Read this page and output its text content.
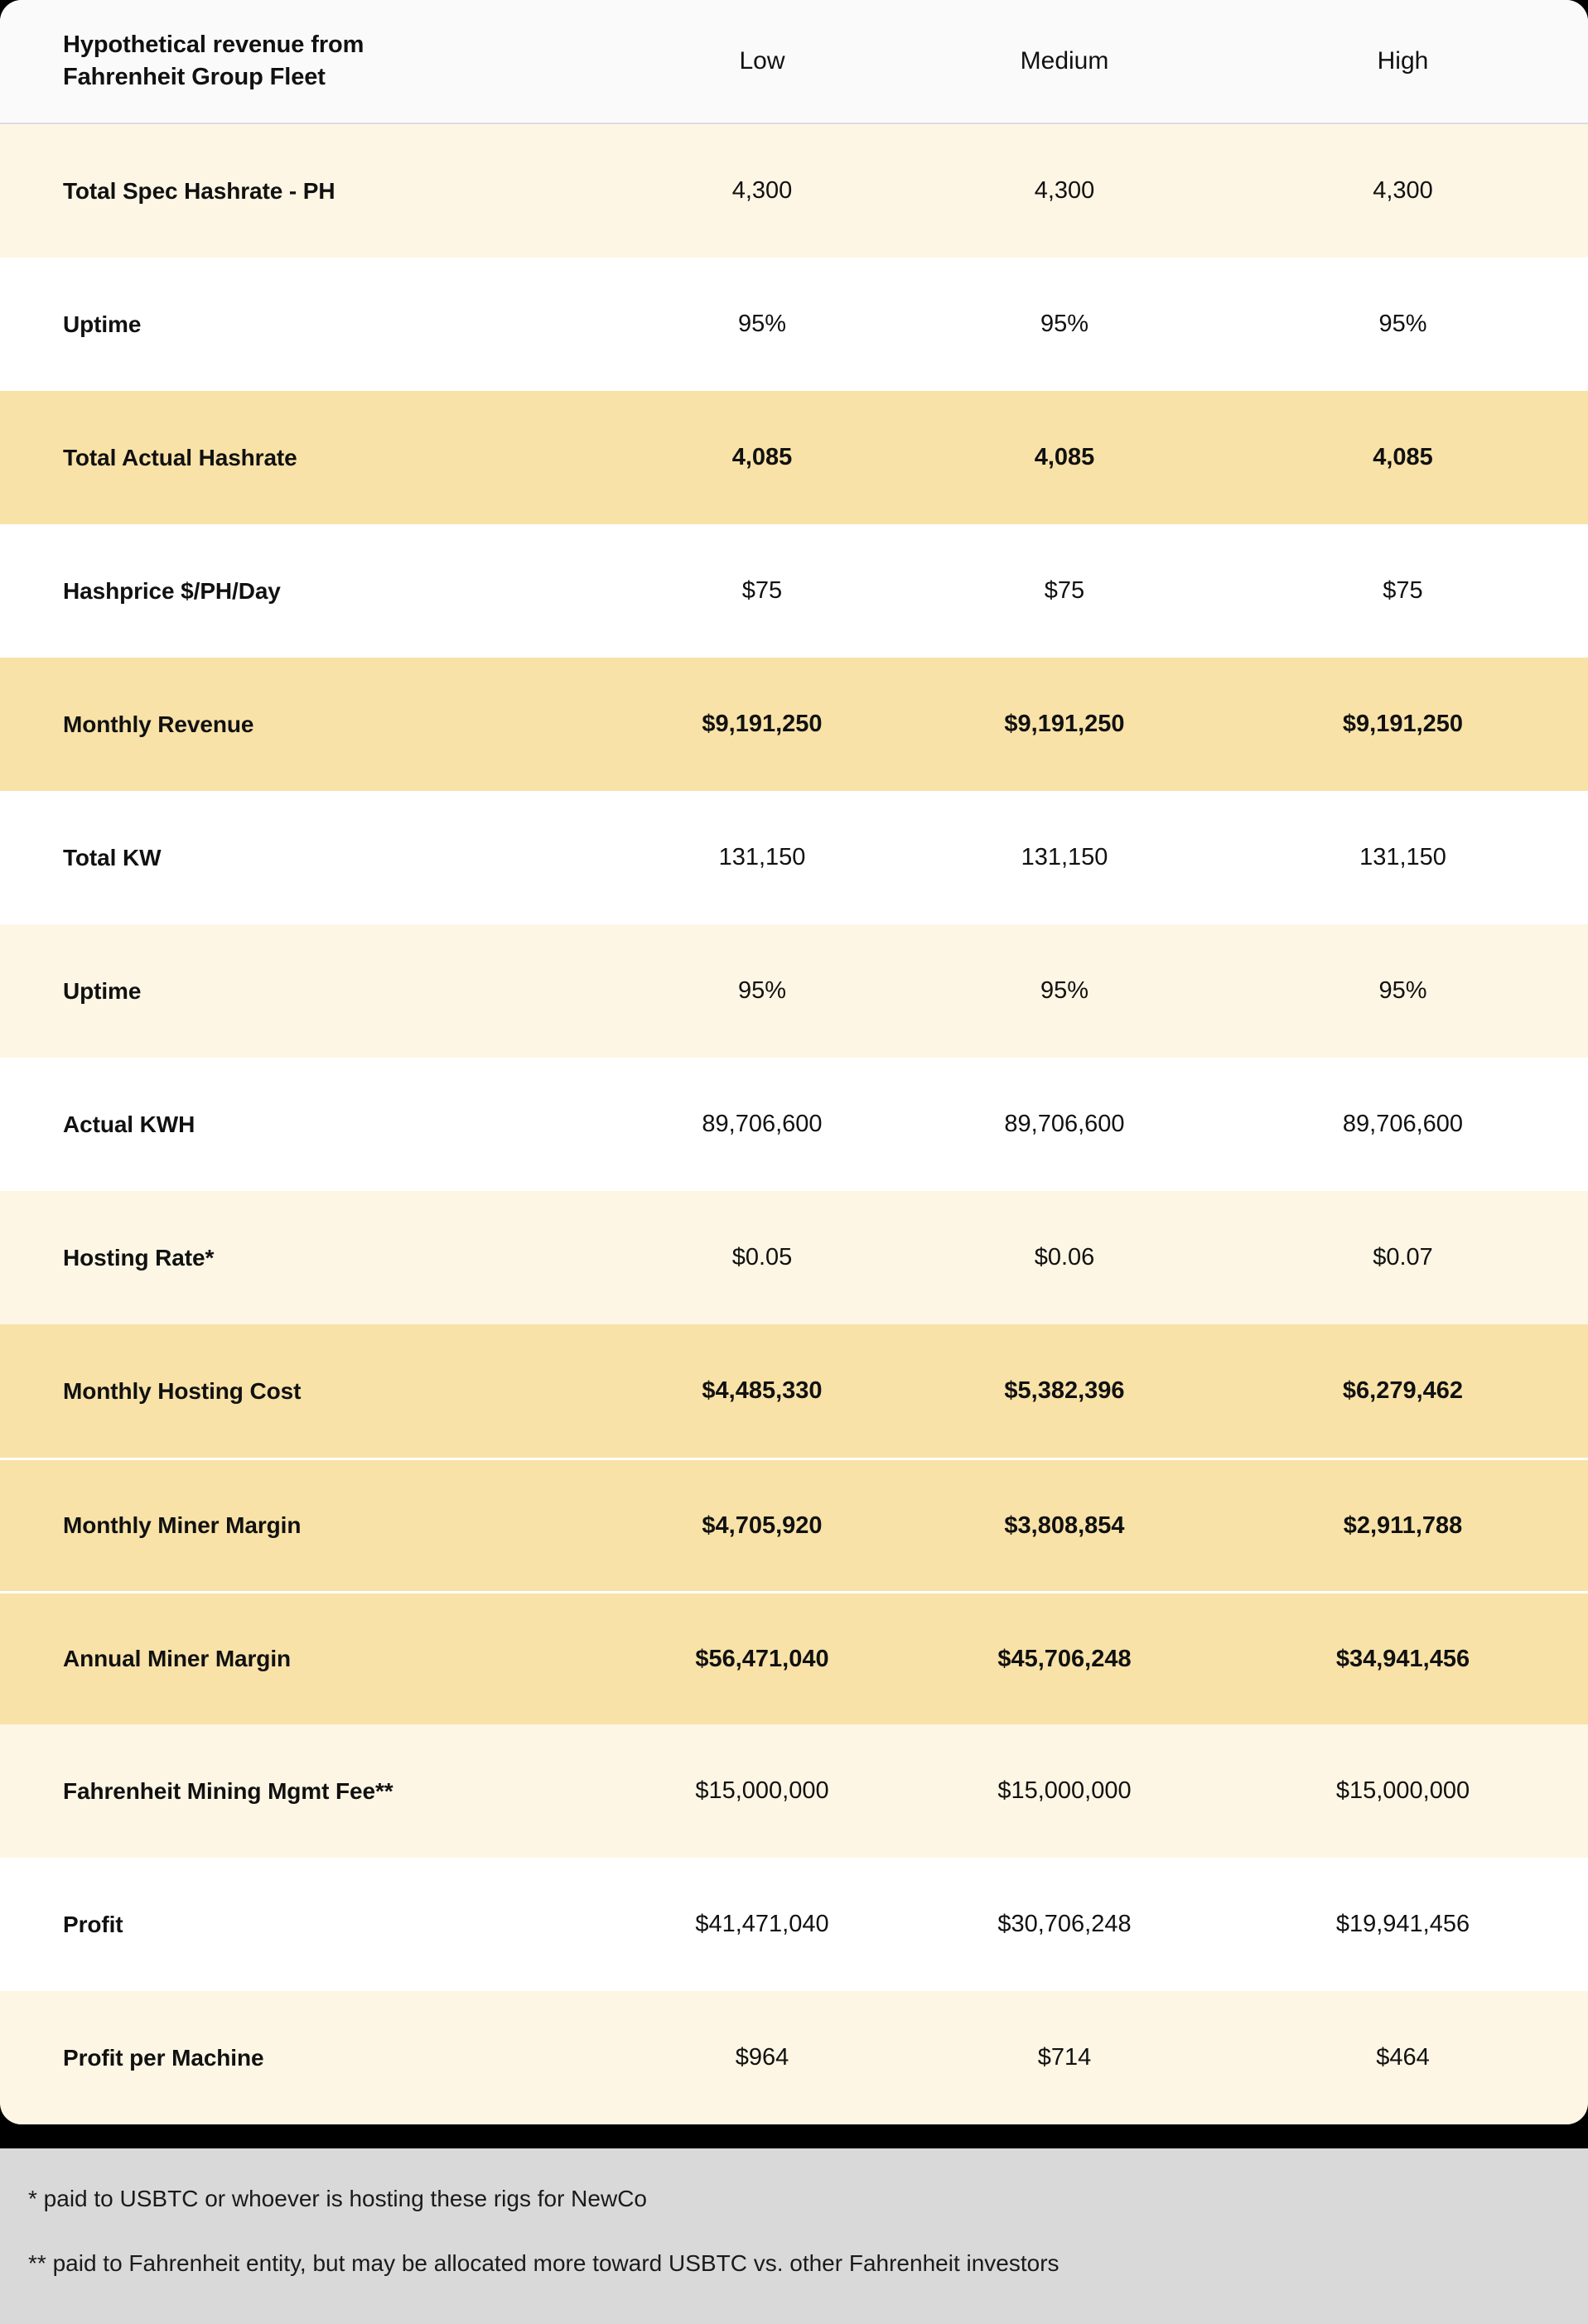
Hypothetical revenue from
Fahrenheit Group Fleet
Low	Medium	High
Total Spec Hashrate - PH	4,300	4,300	4,300
Uptime	95%	95%	95%
Total Actual Hashrate	4,085	4,085	4,085
Hashprice $/PH/Day	$75	$75	$75
Monthly Revenue	$9,191,250	$9,191,250	$9,191,250
Total KW	131,150	131,150	131,150
Uptime	95%	95%	95%
Actual KWH	89,706,600	89,706,600	89,706,600
Hosting Rate*	$0.05	$0.06	$0.07
Monthly Hosting Cost	$4,485,330	$5,382,396	$6,279,462
Monthly Miner Margin	$4,705,920	$3,808,854	$2,911,788
Annual Miner Margin	$56,471,040	$45,706,248	$34,941,456
Fahrenheit Mining Mgmt Fee**	$15,000,000	$15,000,000	$15,000,000
Profit	$41,471,040	$30,706,248	$19,941,456
Profit per Machine	$964	$714	$464
* paid to USBTC or whoever is hosting these rigs for NewCo
** paid to Fahrenheit entity, but may be allocated more toward USBTC vs. other Fahrenheit investors
